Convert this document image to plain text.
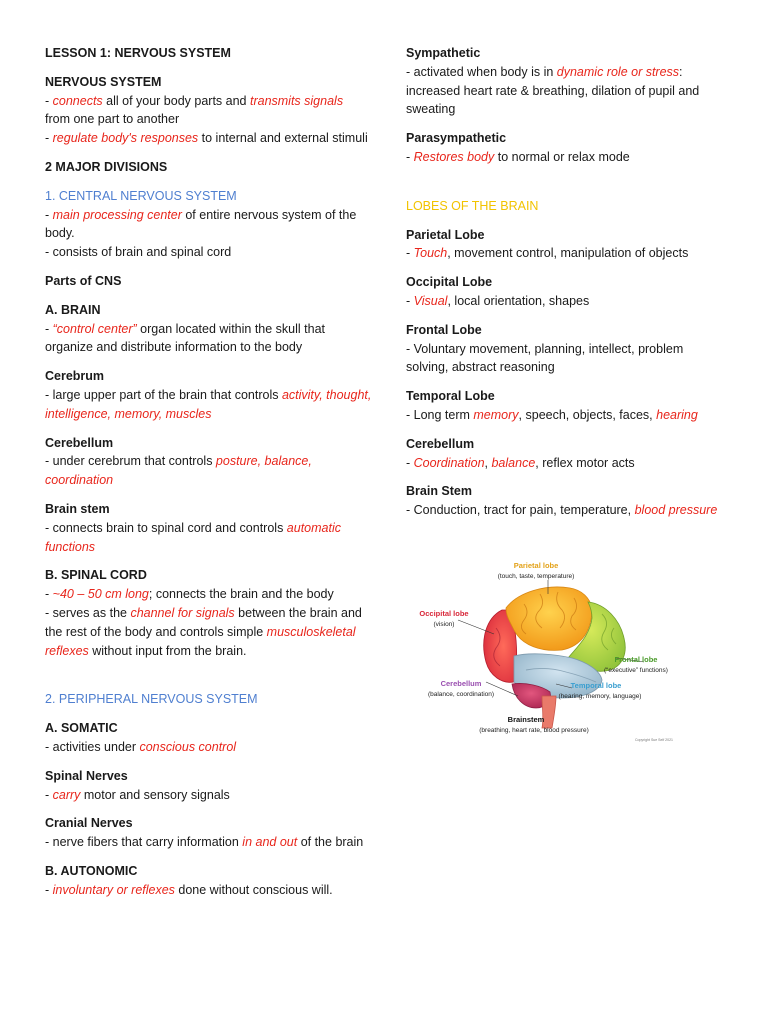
LESSON 1: NERVOUS SYSTEM

NERVOUS SYSTEM

- connects all of your body parts and transmits signals
from one part to another

- regulate body's responses to internal and external stimuli

2 MAJOR DIVISIONS

1. CENTRAL NERVOUS SYSTEM

- main processing center of entire nervous system of the body.

- consists of brain and spinal cord

Parts of CNS

A. BRAIN

- “control center” organ located within the skull that organize and distribute information to the body

Cerebrum

- large upper part of the brain that controls activity, thought, intelligence, memory, muscles

Cerebellum

- under cerebrum that controls posture, balance, coordination

Brain stem

- connects brain to spinal cord and controls automatic functions

B. SPINAL CORD

- ~40 – 50 cm long; connects the brain and the body

- serves as the channel for signals between the brain and the rest of the body and controls simple musculoskeletal reflexes without input from the brain.

2. PERIPHERAL NERVOUS SYSTEM

A. SOMATIC

- activities under conscious control

Spinal Nerves

- carry motor and sensory signals

Cranial Nerves

- nerve fibers that carry information in and out of the brain

B. AUTONOMIC

- involuntary or reflexes done without conscious will.

Sympathetic

- activated when body is in dynamic role or stress: increased heart rate & breathing, dilation of pupil and sweating

Parasympathetic

- Restores body to normal or relax mode

LOBES OF THE BRAIN

Parietal Lobe

- Touch, movement control, manipulation of objects

Occipital Lobe

- Visual, local orientation, shapes

Frontal Lobe

- Voluntary movement, planning, intellect, problem solving, abstract reasoning

Temporal Lobe

- Long term memory, speech, objects, faces, hearing

Cerebellum

- Coordination, balance, reflex motor acts

Brain Stem

- Conduction, tract for pain, temperature, blood pressure

Parietal lobe
(touch, taste, temperature)
Occipital lobe
(vision)
Frontal lobe
(“executive” functions)
Cerebellum
(balance, coordination)
Temporal lobe
(hearing, memory, language)
Brainstem
(breathing, heart rate, blood pressure)
Copyright Sue Self 2021
